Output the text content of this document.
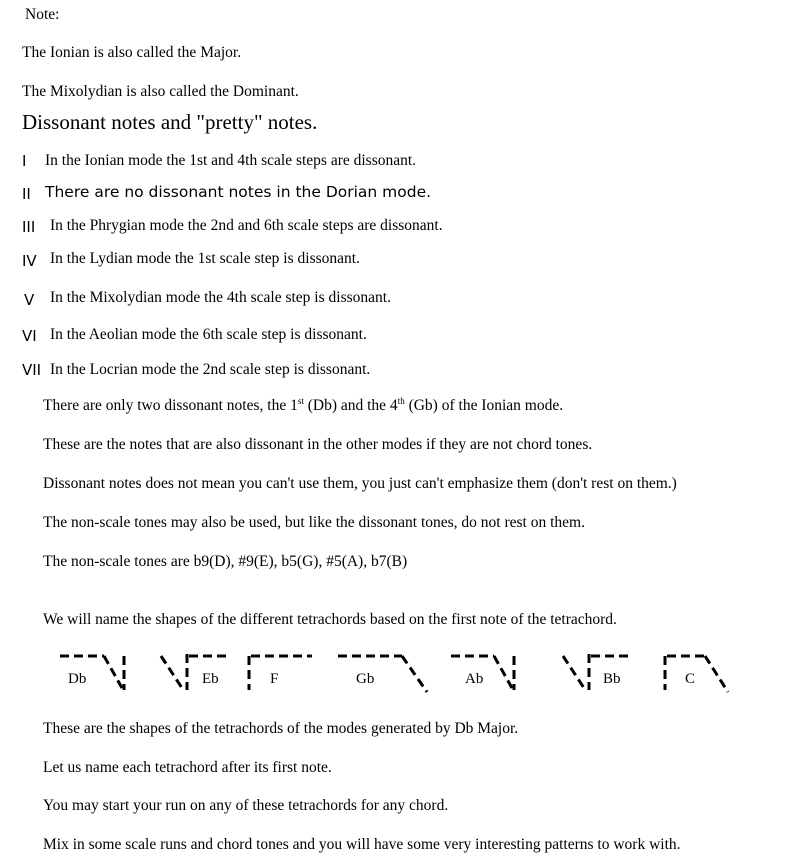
Note:
The Ionian is also called the Major.
The Mixolydian is also called the Dominant.
Dissonant notes and "pretty" notes.
I In the Ionian mode the 1st and 4th scale steps are dissonant.
II There are no dissonant notes in the Dorian mode.
III In the Phrygian mode the 2nd and 6th scale steps are dissonant.
IV In the Lydian mode the 1st scale step is dissonant.
V In the Mixolydian mode the 4th scale step is dissonant.
VI In the Aeolian mode the 6th scale step is dissonant.
VII In the Locrian mode the 2nd scale step is dissonant.
There are only two dissonant notes, the 1st (Db) and the 4th (Gb) of the Ionian mode.
These are the notes that are also dissonant in the other modes if they are not chord tones.
Dissonant notes does not mean you can't use them, you just can't emphasize them (don't rest on them.)
The non-scale tones may also be used, but like the dissonant tones, do not rest on them.
The non-scale tones are b9(D), #9(E), b5(G), #5(A), b7(B)
We will name the shapes of the different tetrachords based on the first note of the tetrachord.
Db	Eb	F	Gb	Ab	Bb	C
These are the shapes of the tetrachords of the modes generated by Db Major.
Let us name each tetrachord after its first note.
You may start your run on any of these tetrachords for any chord.
Mix in some scale runs and chord tones and you will have some very interesting patterns to work with.
